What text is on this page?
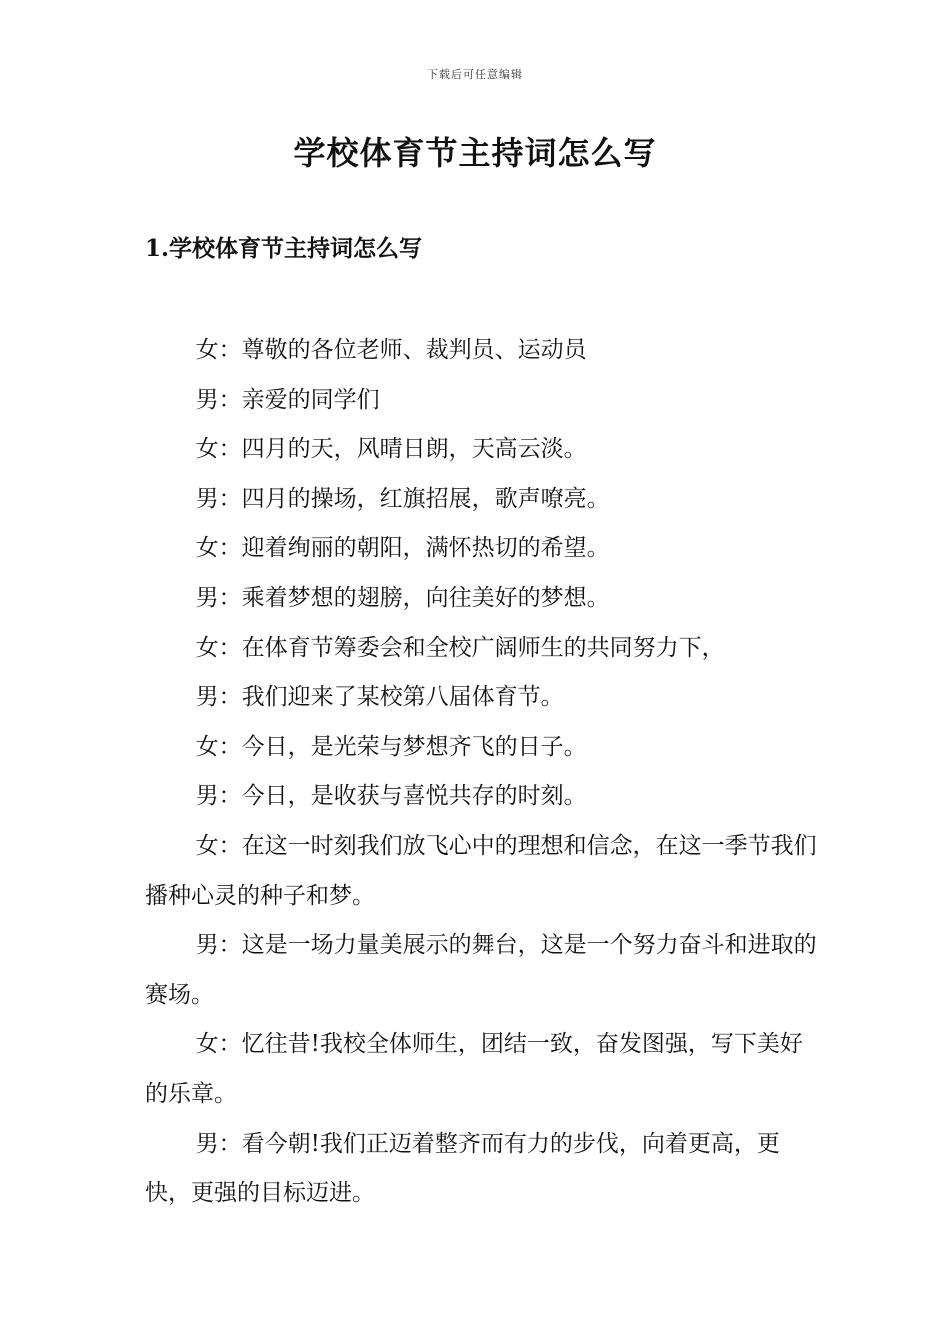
下载后可任意编辑
学校体育节主持词怎么写
1.学校体育节主持词怎么写

女：尊敬的各位老师、裁判员、运动员

男：亲爱的同学们

女：四月的天，风晴日朗，天高云淡。

男：四月的操场，红旗招展，歌声嘹亮。

女：迎着绚丽的朝阳，满怀热切的希望。

男：乘着梦想的翅膀，向往美好的梦想。

女：在体育节筹委会和全校广阔师生的共同努力下，

男：我们迎来了某校第八届体育节。

女：今日，是光荣与梦想齐飞的日子。

男：今日，是收获与喜悦共存的时刻。

女：在这一时刻我们放飞心中的理想和信念，在这一季节我们播种心灵的种子和梦。

男：这是一场力量美展示的舞台，这是一个努力奋斗和进取的赛场。

女：忆往昔!我校全体师生，团结一致，奋发图强，写下美好的乐章。

男：看今朝!我们正迈着整齐而有力的步伐，向着更高，更快，更强的目标迈进。
